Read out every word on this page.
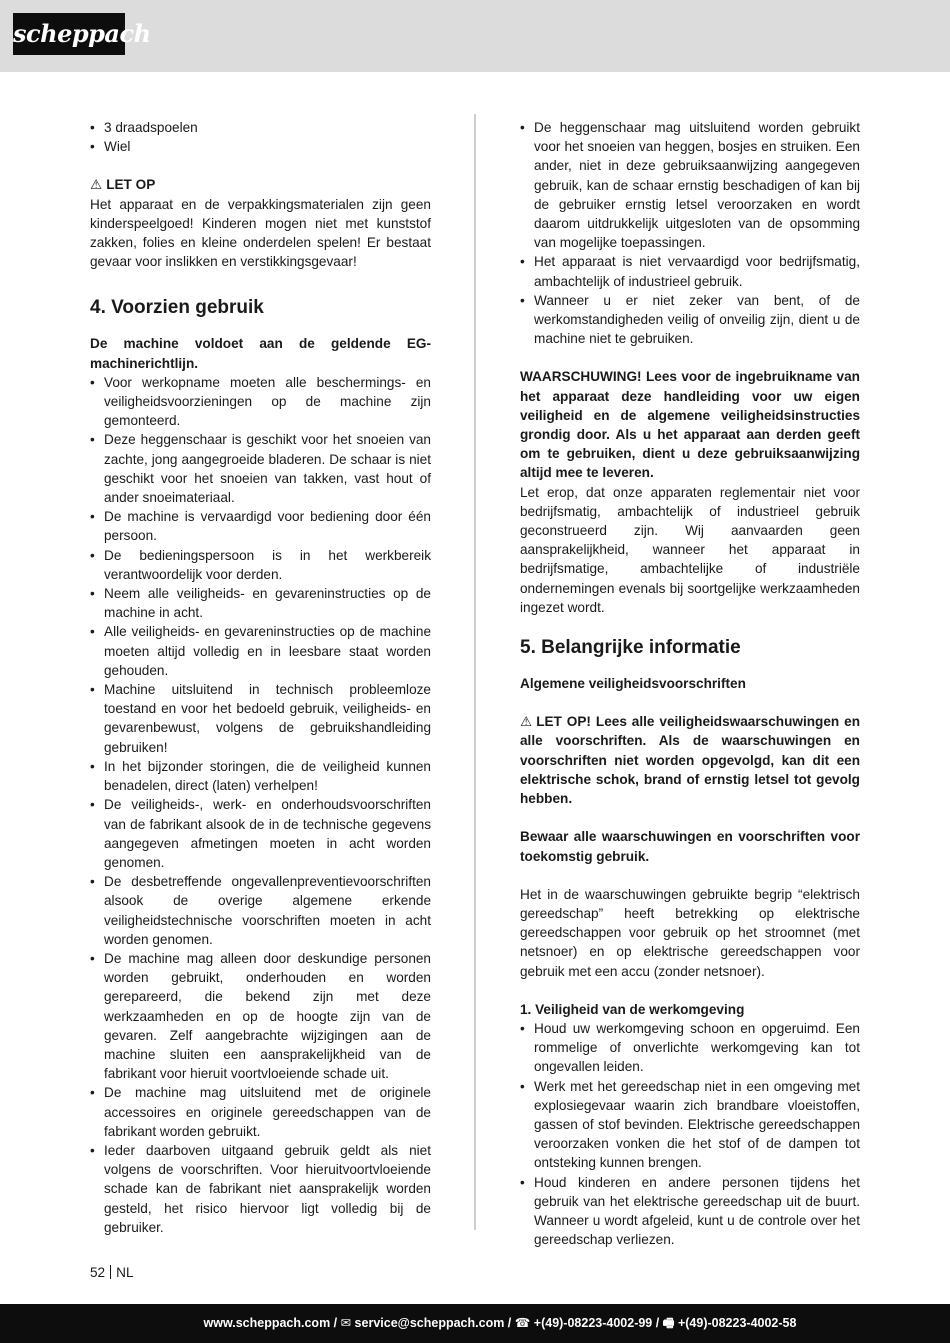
scheppach
• 3 draadspoelen
• Wiel

⚠ LET OP

Het apparaat en de verpakkingsmaterialen zijn geen kinderspeelgoed! Kinderen mogen niet met kunststof zakken, folies en kleine onderdelen spelen! Er bestaat gevaar voor inslikken en verstikkingsgevaar!

4. Voorzien gebruik

De machine voldoet aan de geldende EG-machinerichtlijn.

• Voor werkopname moeten alle beschermings- en veiligheidsvoorzieningen op de machine zijn gemonteerd.
• Deze heggenschaar is geschikt voor het snoeien van zachte, jong aangegroeide bladeren. De schaar is niet geschikt voor het snoeien van takken, vast hout of ander snoeimateriaal.
• De machine is vervaardigd voor bediening door één persoon.
• De bedieningspersoon is in het werkbereik verantwoordelijk voor derden.
• Neem alle veiligheids- en gevareninstructies op de machine in acht.
• Alle veiligheids- en gevareninstructies op de machine moeten altijd volledig en in leesbare staat worden gehouden.
• Machine uitsluitend in technisch probleemloze toestand en voor het bedoeld gebruik, veiligheids- en gevarenbewust, volgens de gebruikshandleiding gebruiken!
• In het bijzonder storingen, die de veiligheid kunnen benadelen, direct (laten) verhelpen!
• De veiligheids-, werk- en onderhoudsvoorschriften van de fabrikant alsook de in de technische gegevens aangegeven afmetingen moeten in acht worden genomen.
• De desbetreffende ongevallenpreventievoorschriften alsook de overige algemene erkende veiligheidstechnische voorschriften moeten in acht worden genomen.
• De machine mag alleen door deskundige personen worden gebruikt, onderhouden en worden gerepareerd, die bekend zijn met deze werkzaamheden en op de hoogte zijn van de gevaren. Zelf aangebrachte wijzigingen aan de machine sluiten een aansprakelijkheid van de fabrikant voor hieruit voortvloeiende schade uit.
• De machine mag uitsluitend met de originele accessoires en originele gereedschappen van de fabrikant worden gebruikt.
• Ieder daarboven uitgaand gebruik geldt als niet volgens de voorschriften. Voor hieruitvoortvloeiende schade kan de fabrikant niet aansprakelijk worden gesteld, het risico hiervoor ligt volledig bij de gebruiker.
• De heggenschaar mag uitsluitend worden gebruikt voor het snoeien van heggen, bosjes en struiken. Een ander, niet in deze gebruiksaanwijzing aangegeven gebruik, kan de schaar ernstig beschadigen of kan bij de gebruiker ernstig letsel veroorzaken en wordt daarom uitdrukkelijk uitgesloten van de opsomming van mogelijke toepassingen.
• Het apparaat is niet vervaardigd voor bedrijfsmatig, ambachtelijk of industrieel gebruik.
• Wanneer u er niet zeker van bent, of de werkomstandigheden veilig of onveilig zijn, dient u de machine niet te gebruiken.

WAARSCHUWING! Lees voor de ingebruikname van het apparaat deze handleiding voor uw eigen veiligheid en de algemene veiligheidsinstructies grondig door. Als u het apparaat aan derden geeft om te gebruiken, dient u deze gebruiksaanwijzing altijd mee te leveren.

Let erop, dat onze apparaten reglementair niet voor bedrijfsmatig, ambachtelijk of industrieel gebruik geconstrueerd zijn. Wij aanvaarden geen aansprakelijkheid, wanneer het apparaat in bedrijfsmatige, ambachtelijke of industriële ondernemingen evenals bij soortgelijke werkzaamheden ingezet wordt.

5. Belangrijke informatie

Algemene veiligheidsvoorschriften

⚠ LET OP! Lees alle veiligheidswaarschuwingen en alle voorschriften. Als de waarschuwingen en voorschriften niet worden opgevolgd, kan dit een elektrische schok, brand of ernstig letsel tot gevolg hebben.

Bewaar alle waarschuwingen en voorschriften voor toekomstig gebruik.

Het in de waarschuwingen gebruikte begrip “elektrisch gereedschap” heeft betrekking op elektrische gereedschappen voor gebruik op het stroomnet (met netsnoer) en op elektrische gereedschappen voor gebruik met een accu (zonder netsnoer).

1. Veiligheid van de werkomgeving

• Houd uw werkomgeving schoon en opgeruimd. Een rommelige of onverlichte werkomgeving kan tot ongevallen leiden.
• Werk met het gereedschap niet in een omgeving met explosiegevaar waarin zich brandbare vloeistoffen, gassen of stof bevinden. Elektrische gereedschappen veroorzaken vonken die het stof of de dampen tot ontsteking kunnen brengen.
• Houd kinderen en andere personen tijdens het gebruik van het elektrische gereedschap uit de buurt. Wanneer u wordt afgeleid, kunt u de controle over het gereedschap verliezen.
52 NL
www.scheppach.com / ✉ service@scheppach.com / ☎ +(49)-08223-4002-99 / 🖷 +(49)-08223-4002-58
